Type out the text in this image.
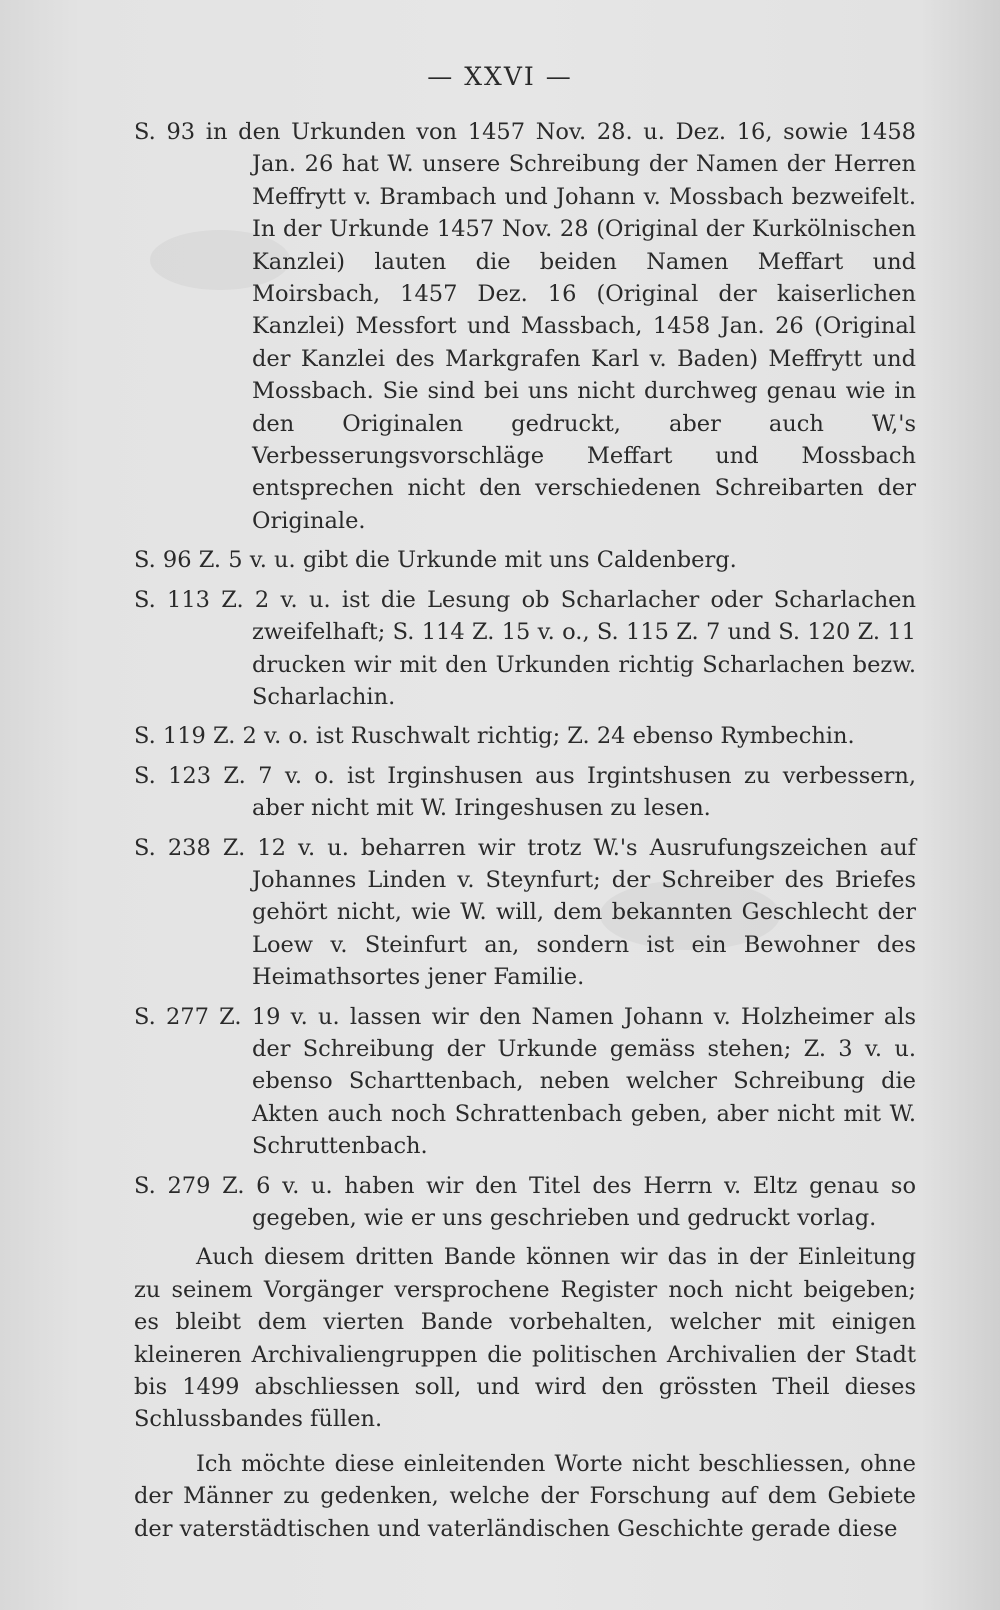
— XXVI —
S. 93 in den Urkunden von 1457 Nov. 28. u. Dez. 16, sowie 1458 Jan. 26 hat W. unsere Schreibung der Namen der Herren Meffrytt v. Brambach und Johann v. Mossbach bezweifelt. In der Urkunde 1457 Nov. 28 (Original der Kurkölnischen Kanzlei) lauten die beiden Namen Meffart und Moirsbach, 1457 Dez. 16 (Original der kaiserlichen Kanzlei) Messfort und Massbach, 1458 Jan. 26 (Original der Kanzlei des Markgrafen Karl v. Baden) Meffrytt und Mossbach. Sie sind bei uns nicht durchweg genau wie in den Originalen gedruckt, aber auch W,'s Verbesserungsvorschläge Meffart und Mossbach entsprechen nicht den verschiedenen Schreibarten der Originale.
S. 96 Z. 5 v. u. gibt die Urkunde mit uns Caldenberg.
S. 113 Z. 2 v. u. ist die Lesung ob Scharlacher oder Scharlachen zweifelhaft; S. 114 Z. 15 v. o., S. 115 Z. 7 und S. 120 Z. 11 drucken wir mit den Urkunden richtig Scharlachen bezw. Scharlachin.
S. 119 Z. 2 v. o. ist Ruschwalt richtig; Z. 24 ebenso Rymbechin.
S. 123 Z. 7 v. o. ist Irginshusen aus Irgintshusen zu verbessern, aber nicht mit W. Iringeshusen zu lesen.
S. 238 Z. 12 v. u. beharren wir trotz W.'s Ausrufungszeichen auf Johannes Linden v. Steynfurt; der Schreiber des Briefes gehört nicht, wie W. will, dem bekannten Geschlecht der Loew v. Steinfurt an, sondern ist ein Bewohner des Heimathsortes jener Familie.
S. 277 Z. 19 v. u. lassen wir den Namen Johann v. Holzheimer als der Schreibung der Urkunde gemäss stehen; Z. 3 v. u. ebenso Scharttenbach, neben welcher Schreibung die Akten auch noch Schrattenbach geben, aber nicht mit W. Schruttenbach.
S. 279 Z. 6 v. u. haben wir den Titel des Herrn v. Eltz genau so gegeben, wie er uns geschrieben und gedruckt vorlag.

Auch diesem dritten Bande können wir das in der Einleitung zu seinem Vorgänger versprochene Register noch nicht beigeben; es bleibt dem vierten Bande vorbehalten, welcher mit einigen kleineren Archivaliengruppen die politischen Archivalien der Stadt bis 1499 abschliessen soll, und wird den grössten Theil dieses Schlussbandes füllen.

Ich möchte diese einleitenden Worte nicht beschliessen, ohne der Männer zu gedenken, welche der Forschung auf dem Gebiete der vaterstädtischen und vaterländischen Geschichte gerade diese
